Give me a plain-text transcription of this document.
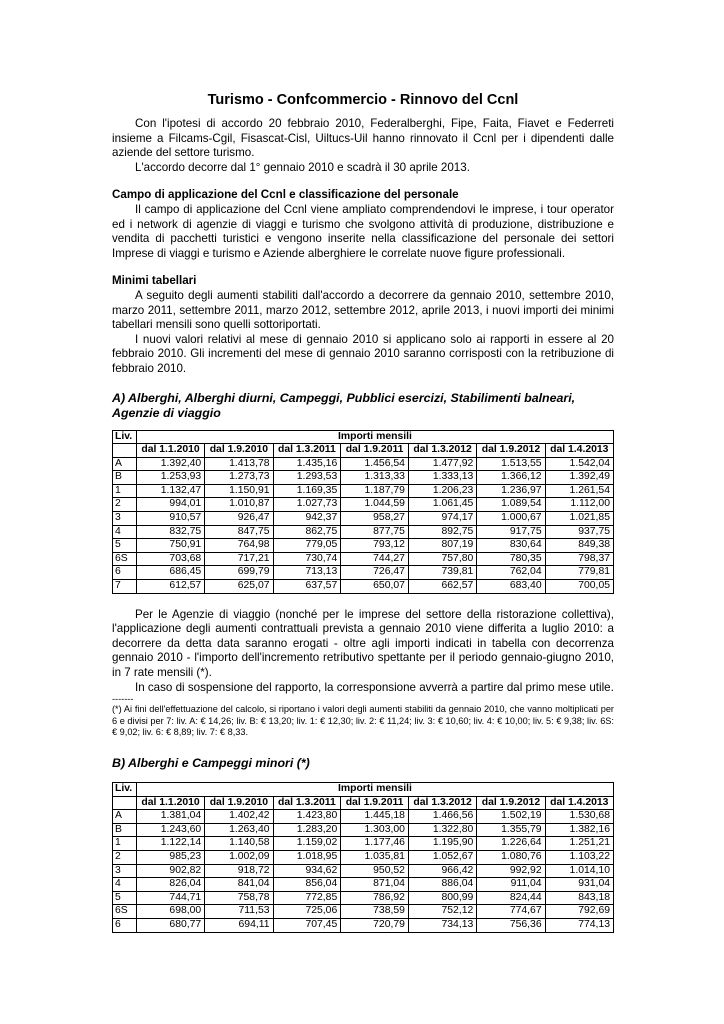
Turismo - Confcommercio - Rinnovo del Ccnl

Con l'ipotesi di accordo 20 febbraio 2010, Federalberghi, Fipe, Faita, Fiavet e Federreti insieme a Filcams-Cgil, Fisascat-Cisl, Uiltucs-Uil hanno rinnovato il Ccnl per i dipendenti dalle aziende del settore turismo.

L'accordo decorre dal 1° gennaio 2010 e scadrà il 30 aprile 2013.

Campo di applicazione del Ccnl e classificazione del personale

Il campo di applicazione del Ccnl viene ampliato comprendendovi le imprese, i tour operator ed i network di agenzie di viaggi e turismo che svolgono attività di produzione, distribuzione e vendita di pacchetti turistici e vengono inserite nella classificazione del personale dei settori Imprese di viaggi e turismo e Aziende alberghiere le correlate nuove figure professionali.

Minimi tabellari

A seguito degli aumenti stabiliti dall'accordo a decorrere da gennaio 2010, settembre 2010, marzo 2011, settembre 2011, marzo 2012, settembre 2012, aprile 2013, i nuovi importi dei minimi tabellari mensili sono quelli sottoriportati.

I nuovi valori relativi al mese di gennaio 2010 si applicano solo ai rapporti in essere al 20 febbraio 2010. Gli incrementi del mese di gennaio 2010 saranno corrisposti con la retribuzione di febbraio 2010.

A) Alberghi, Alberghi diurni, Campeggi, Pubblici esercizi, Stabilimenti balneari, Agenzie di viaggio
Liv.	Importi mensili						
	dal 1.1.2010	dal 1.9.2010	dal 1.3.2011	dal 1.9.2011	dal 1.3.2012	dal 1.9.2012	dal 1.4.2013
A	1.392,40	1.413,78	1.435,16	1.456,54	1.477,92	1.513,55	1.542,04
B	1.253,93	1.273,73	1.293,53	1.313,33	1.333,13	1.366,12	1.392,49
1	1.132,47	1.150,91	1.169,35	1.187,79	1.206,23	1.236,97	1.261,54
2	994,01	1.010,87	1.027,73	1.044,59	1.061,45	1.089,54	1.112,00
3	910,57	926,47	942,37	958,27	974,17	1.000,67	1.021,85
4	832,75	847,75	862,75	877,75	892,75	917,75	937,75
5	750,91	764,98	779,05	793,12	807,19	830,64	849,38
6S	703,68	717,21	730,74	744,27	757,80	780,35	798,37
6	686,45	699,79	713,13	726,47	739,81	762,04	779,81
7	612,57	625,07	637,57	650,07	662,57	683,40	700,05

Per le Agenzie di viaggio (nonché per le imprese del settore della ristorazione collettiva), l'applicazione degli aumenti contrattuali prevista a gennaio 2010 viene differita a luglio 2010: a decorrere da detta data saranno erogati - oltre agli importi indicati in tabella con decorrenza gennaio 2010 - l'importo dell'incremento retributivo spettante per il periodo gennaio-giugno 2010, in 7 rate mensili (*).

In caso di sospensione del rapporto, la corresponsione avverrà a partire dal primo mese utile.

-------

(*) Ai fini dell'effettuazione del calcolo, si riportano i valori degli aumenti stabiliti da gennaio 2010, che vanno moltiplicati per 6 e divisi per 7: liv. A: € 14,26; liv. B: € 13,20; liv. 1: € 12,30; liv. 2: € 11,24; liv. 3: € 10,60; liv. 4: € 10,00; liv. 5: € 9,38; liv. 6S: € 9,02; liv. 6: € 8,89; liv. 7: € 8,33.

B) Alberghi e Campeggi minori (*)
Liv.	Importi mensili						
	dal 1.1.2010	dal 1.9.2010	dal 1.3.2011	dal 1.9.2011	dal 1.3.2012	dal 1.9.2012	dal 1.4.2013
A	1.381,04	1.402,42	1.423,80	1.445,18	1.466,56	1.502,19	1.530,68
B	1.243,60	1.263,40	1.283,20	1.303,00	1.322,80	1.355,79	1.382,16
1	1.122,14	1.140,58	1.159,02	1.177,46	1.195,90	1.226,64	1.251,21
2	985,23	1.002,09	1.018,95	1.035,81	1.052,67	1.080,76	1.103,22
3	902,82	918,72	934,62	950,52	966,42	992,92	1.014,10
4	826,04	841,04	856,04	871,04	886,04	911,04	931,04
5	744,71	758,78	772,85	786,92	800,99	824,44	843,18
6S	698,00	711,53	725,06	738,59	752,12	774,67	792,69
6	680,77	694,11	707,45	720,79	734,13	756,36	774,13
